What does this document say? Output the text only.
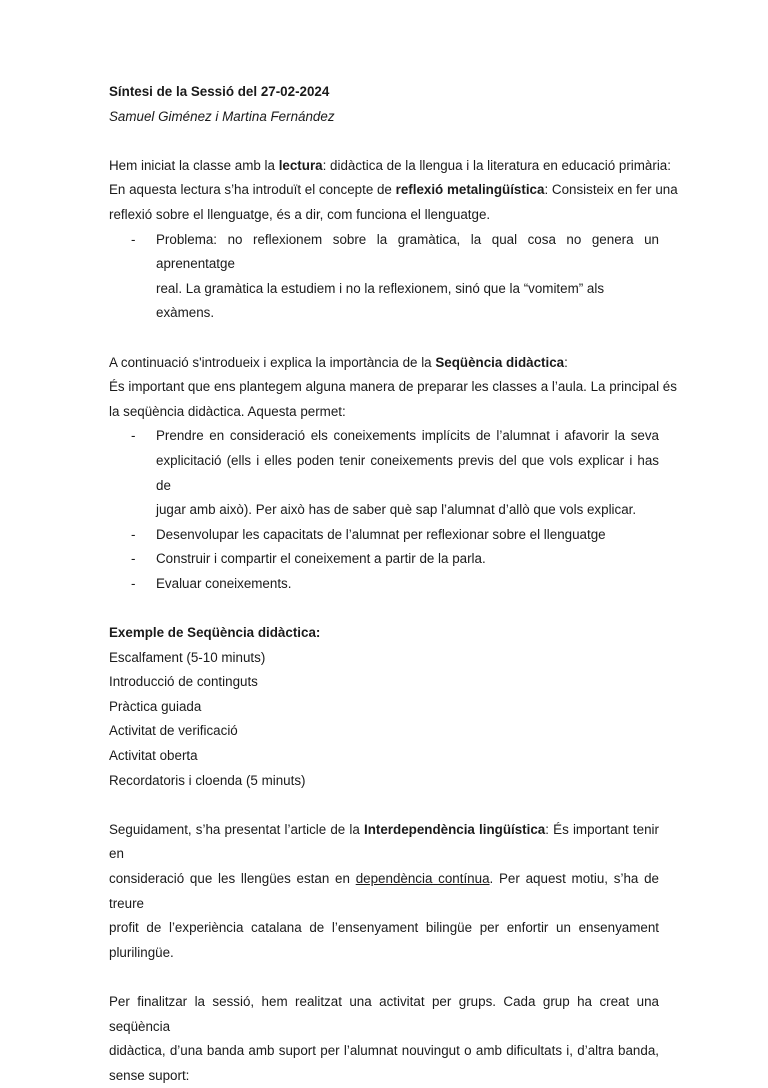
Síntesi de la Sessió del 27-02-2024

Samuel Giménez i Martina Fernández

Hem iniciat la classe amb la lectura: didàctica de la llengua i la literatura en educació primària:

En aquesta lectura s’ha introduït el concepte de reflexió metalingüística: Consisteix en fer una

reflexió sobre el llenguatge, és a dir, com funciona el llenguatge.

- Problema: no reflexionem sobre la gramàtica, la qual cosa no genera un aprenentatge

real. La gramàtica la estudiem i no la reflexionem, sinó que la “vomitem” als exàmens.

A continuació s'introdueix i explica la importància de la Seqüència didàctica:

És important que ens plantegem alguna manera de preparar les classes a l’aula. La principal és

la seqüència didàctica. Aquesta permet:

- Prendre en consideració els coneixements implícits de l’alumnat i afavorir la seva

explicitació (ells i elles poden tenir coneixements previs del que vols explicar i has de

jugar amb això). Per això has de saber què sap l’alumnat d’allò que vols explicar.

- Desenvolupar les capacitats de l’alumnat per reflexionar sobre el llenguatge

- Construir i compartir el coneixement a partir de la parla.

- Evaluar coneixements.

Exemple de Seqüència didàctica:

Escalfament (5-10 minuts)

Introducció de continguts

Pràctica guiada

Activitat de verificació

Activitat oberta

Recordatoris i cloenda (5 minuts)

Seguidament, s’ha presentat l’article de la Interdependència lingüística: És important tenir en

consideració que les llengües estan en dependència contínua. Per aquest motiu, s’ha de treure

profit de l’experiència catalana de l’ensenyament bilingüe per enfortir un ensenyament

plurilingüe.

Per finalitzar la sessió, hem realitzat una activitat per grups. Cada grup ha creat una seqüència

didàctica, d’una banda amb suport per l’alumnat nouvingut o amb dificultats i, d’altra banda,

sense suport:
